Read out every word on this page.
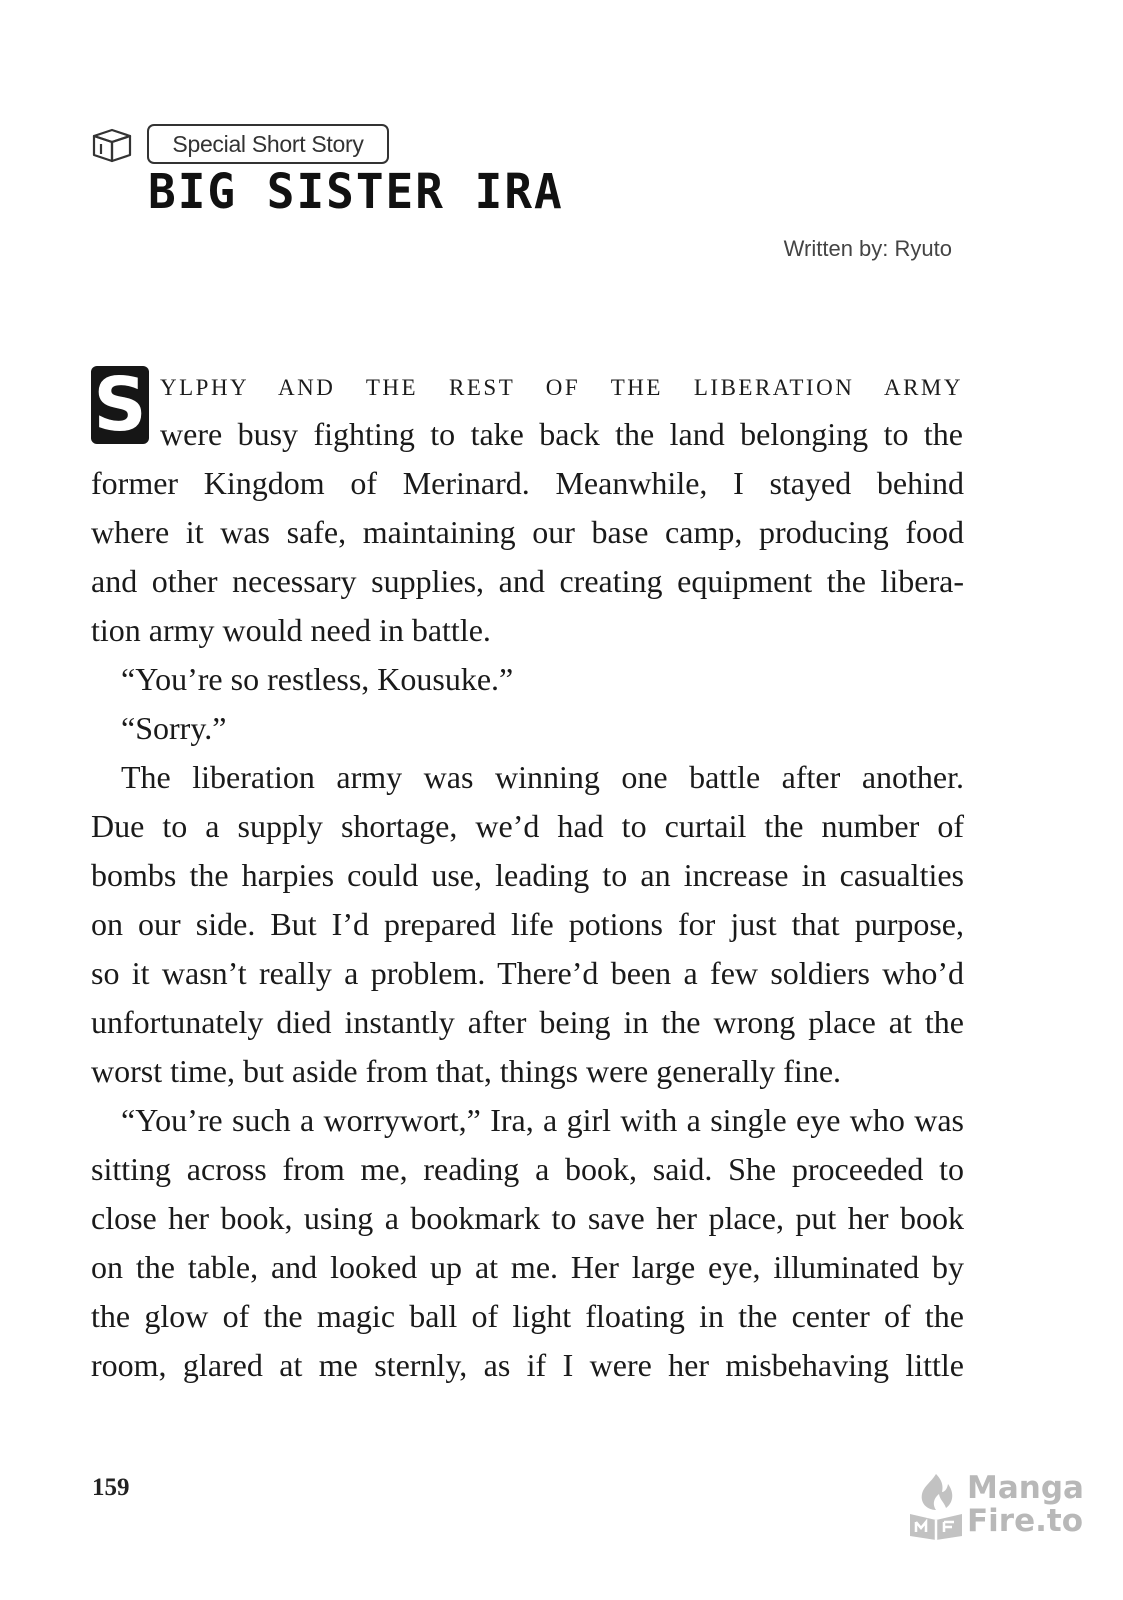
Special Short Story
BIG SISTER IRA
Written by: Ryuto
S YLPHY AND THE REST OF THE LIBERATION ARMY
were busy fighting to take back the land belonging to the
former Kingdom of Merinard. Meanwhile, I stayed behind
where it was safe, maintaining our base camp, producing food
and other necessary supplies, and creating equipment the libera-
tion army would need in battle.
“You’re so restless, Kousuke.”
“Sorry.”
The liberation army was winning one battle after another.
Due to a supply shortage, we’d had to curtail the number of
bombs the harpies could use, leading to an increase in casualties
on our side. But I’d prepared life potions for just that purpose,
so it wasn’t really a problem. There’d been a few soldiers who’d
unfortunately died instantly after being in the wrong place at the
worst time, but aside from that, things were generally fine.
“You’re such a worrywort,” Ira, a girl with a single eye who was
sitting across from me, reading a book, said. She proceeded to
close her book, using a bookmark to save her place, put her book
on the table, and looked up at me. Her large eye, illuminated by
the glow of the magic ball of light floating in the center of the
room, glared at me sternly, as if I were her misbehaving little
159	Manga
Fire.to
